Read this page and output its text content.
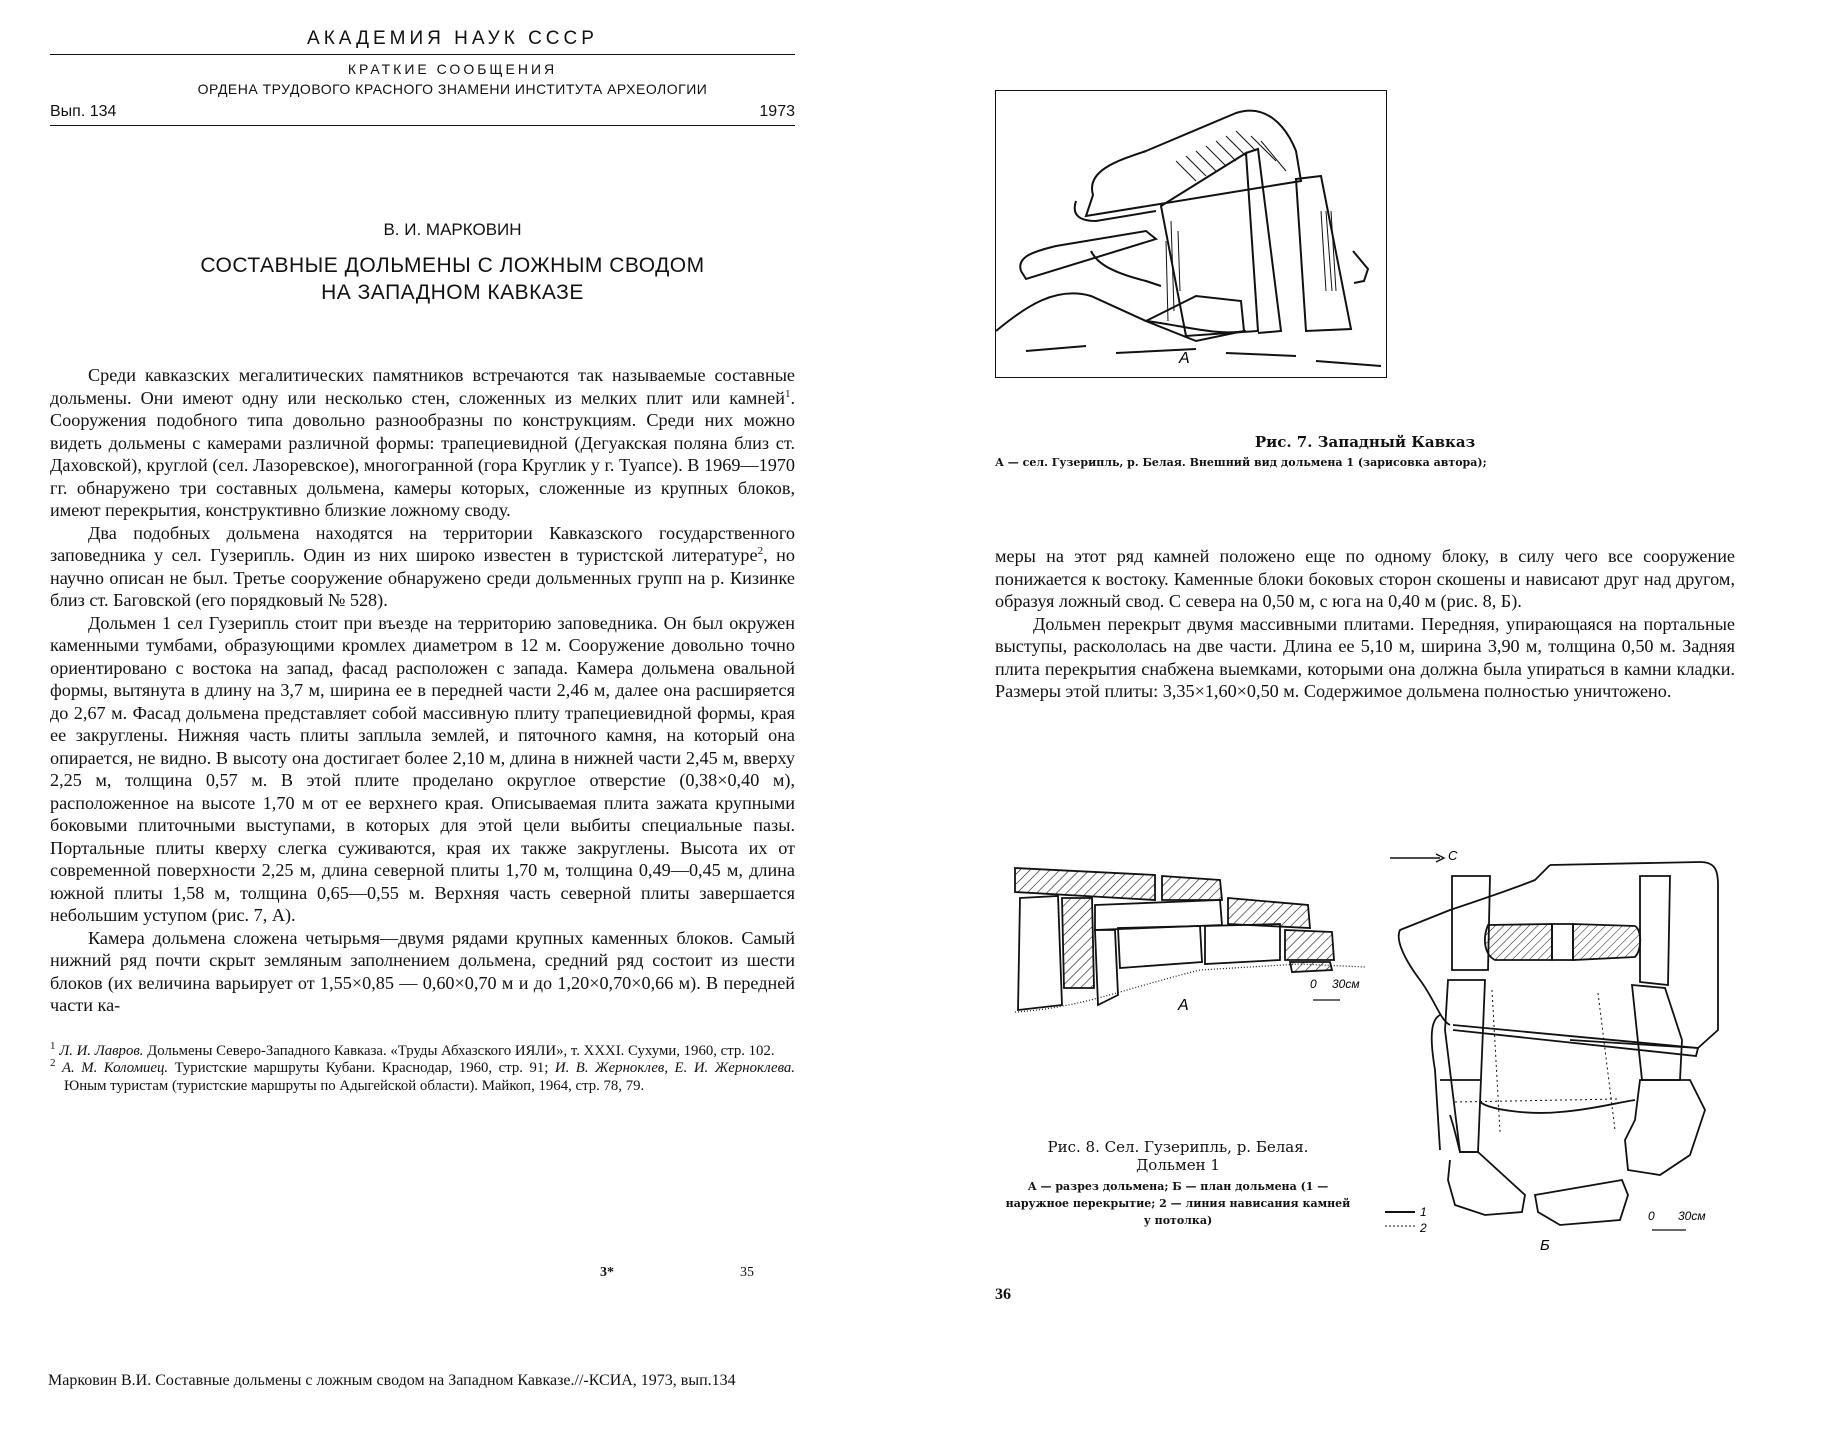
АКАДЕМИЯ НАУК СССР
КРАТКИЕ СООБЩЕНИЯ
ОРДЕНА ТРУДОВОГО КРАСНОГО ЗНАМЕНИ ИНСТИТУТА АРХЕОЛОГИИ
Вып. 134	1973
В. И. МАРКОВИН
СОСТАВНЫЕ ДОЛЬМЕНЫ С ЛОЖНЫМ СВОДОМ
НА ЗАПАДНОМ КАВКАЗЕ

Среди кавказских мегалитических памятников встречаются так называемые составные дольмены. Они имеют одну или несколько стен, сложенных из мелких плит или камней$^1$. Сооружения подобного типа довольно разнообразны по конструкциям. Среди них можно видеть дольмены с камерами различной формы: трапециевидной (Дегуакская поляна близ ст. Даховской), круглой (сел. Лазоревское), многогранной (гора Круглик у г. Туапсе). В 1969—1970 гг. обнаружено три составных дольмена, камеры которых, сложенные из крупных блоков, имеют перекрытия, конструктивно близкие ложному своду.

Два подобных дольмена находятся на территории Кавказского государственного заповедника у сел. Гузерипль. Один из них широко известен в туристской литературе$^2$, но научно описан не был. Третье сооружение обнаружено среди дольменных групп на р. Кизинке близ ст. Баговской (его порядковый № 528).

Дольмен 1 сел Гузерипль стоит при въезде на территорию заповедника. Он был окружен каменными тумбами, образующими кромлех диаметром в 12 м. Сооружение довольно точно ориентировано с востока на запад, фасад расположен с запада. Камера дольмена овальной формы, вытянута в длину на 3,7 м, ширина ее в передней части 2,46 м, далее она расширяется до 2,67 м. Фасад дольмена представляет собой массивную плиту трапециевидной формы, края ее закруглены. Нижняя часть плиты заплыла землей, и пяточного камня, на который она опирается, не видно. В высоту она достигает более 2,10 м, длина в нижней части 2,45 м, вверху 2,25 м, толщина 0,57 м. В этой плите проделано округлое отверстие (0,38×0,40 м), расположенное на высоте 1,70 м от ее верхнего края. Описываемая плита зажата крупными боковыми плиточными выступами, в которых для этой цели выбиты специальные пазы. Портальные плиты кверху слегка суживаются, края их также закруглены. Высота их от современной поверхности 2,25 м, длина северной плиты 1,70 м, толщина 0,49—0,45 м, длина южной плиты 1,58 м, толщина 0,65—0,55 м. Верхняя часть северной плиты завершается небольшим уступом (рис. 7, А).

Камера дольмена сложена четырьмя—двумя рядами крупных каменных блоков. Самый нижний ряд почти скрыт земляным заполнением дольмена, средний ряд состоит из шести блоков (их величина варьирует от 1,55×0,85 — 0,60×0,70 м и до 1,20×0,70×0,66 м). В передней части ка-

$^1$ Л. И. Лавров. Дольмены Северо-Западного Кавказа. «Труды Абхазского ИЯЛИ», т. XXXI. Сухуми, 1960, стр. 102.
$^2$ А. М. Коломиец. Туристские маршруты Кубани. Краснодар, 1960, стр. 91; И. В. Жерноклев, Е. И. Жерноклева. Юным туристам (туристские маршруты по Адыгейской области). Майкоп, 1964, стр. 78, 79.
3*	35
А
Рис. 7. Западный Кавказ
А — сел. Гузерипль, р. Белая. Внешний вид дольмена 1 (зарисовка автора);

меры на этот ряд камней положено еще по одному блоку, в силу чего все сооружение понижается к востоку. Каменные блоки боковых сторон скошены и нависают друг над другом, образуя ложный свод. С севера на 0,50 м, с юга на 0,40 м (рис. 8, Б).

Дольмен перекрыт двумя массивными плитами. Передняя, упирающаяся на портальные выступы, раскололась на две части. Длина ее 5,10 м, ширина 3,90 м, толщина 0,50 м. Задняя плита перекрытия снабжена выемками, которыми она должна была упираться в камни кладки. Размеры этой плиты: 3,35×1,60×0,50 м. Содержимое дольмена полностью уничтожено.

А
0 30см
1
2
С
0 30см
Б
Рис. 8. Сел. Гузерипль, р. Белая.
Дольмен 1
А — разрез дольмена; Б — план дольмена (1 — наружное перекрытие; 2 — линия нависания камней у потолка)
36
Марковин В.И. Составные дольмены с ложным сводом на Западном Кавказе.//-КСИА, 1973, вып.134
